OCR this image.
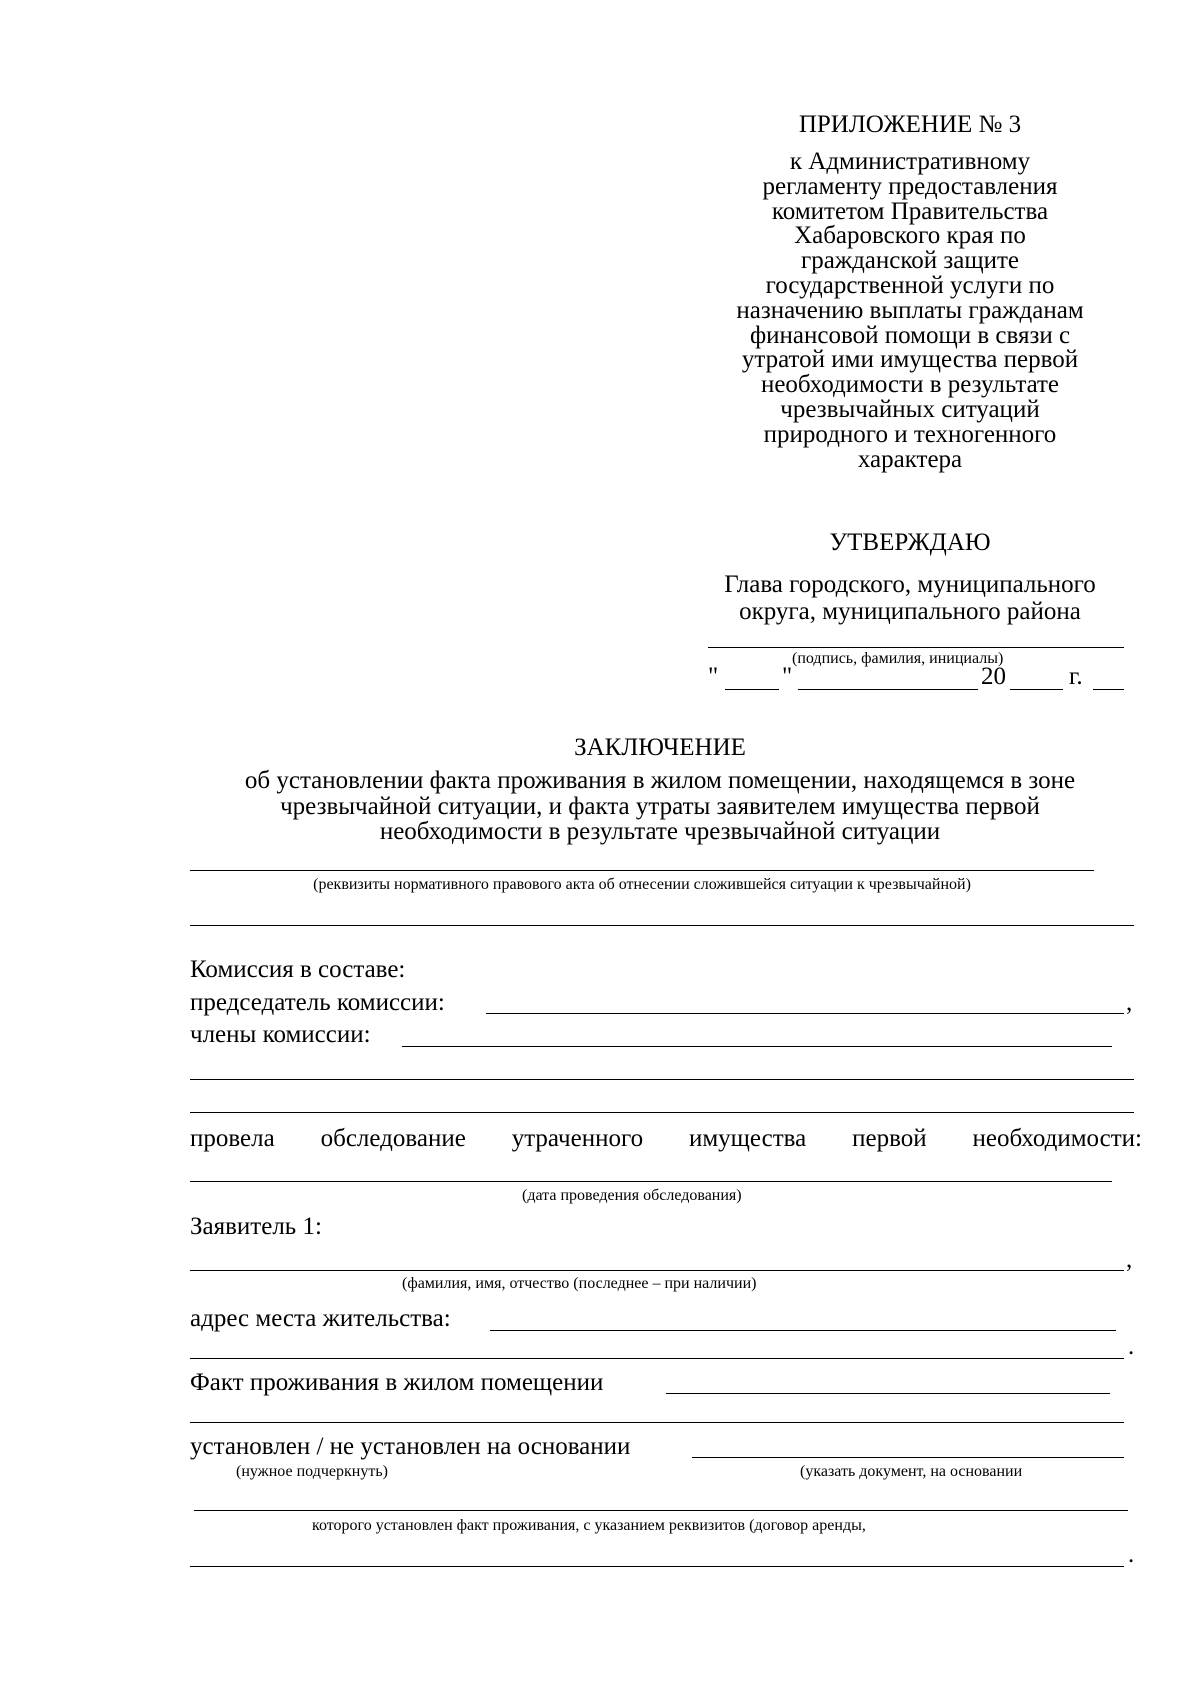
ПРИЛОЖЕНИЕ № 3
к Административному
регламенту предоставления
комитетом Правительства
Хабаровского края по
гражданской защите
государственной услуги по
назначению выплаты гражданам
финансовой помощи в связи с
утратой ими имущества первой
необходимости в результате
чрезвычайных ситуаций
природного и техногенного
характера
УТВЕРЖДАЮ
Глава городского, муниципального
округа, муниципального района
(подпись, фамилия, инициалы)
"	"	20	г.
ЗАКЛЮЧЕНИЕ
об установлении факта проживания в жилом помещении, находящемся в зоне
чрезвычайной ситуации, и факта утраты заявителем имущества первой
необходимости в результате чрезвычайной ситуации
(реквизиты нормативного правового акта об отнесении сложившейся ситуации к чрезвычайной)
Комиссия в составе:
председатель комиссии:	,
члены комиссии:
провела обследование утраченного имущества первой необходимости:
(дата проведения обследования)
Заявитель 1:
,
(фамилия, имя, отчество (последнее – при наличии)
адрес места жительства:
.
Факт проживания в жилом помещении
установлен / не установлен на основании
(нужное подчеркнуть)	(указать документ, на основании
которого установлен факт проживания, с указанием реквизитов (договор аренды,
.
